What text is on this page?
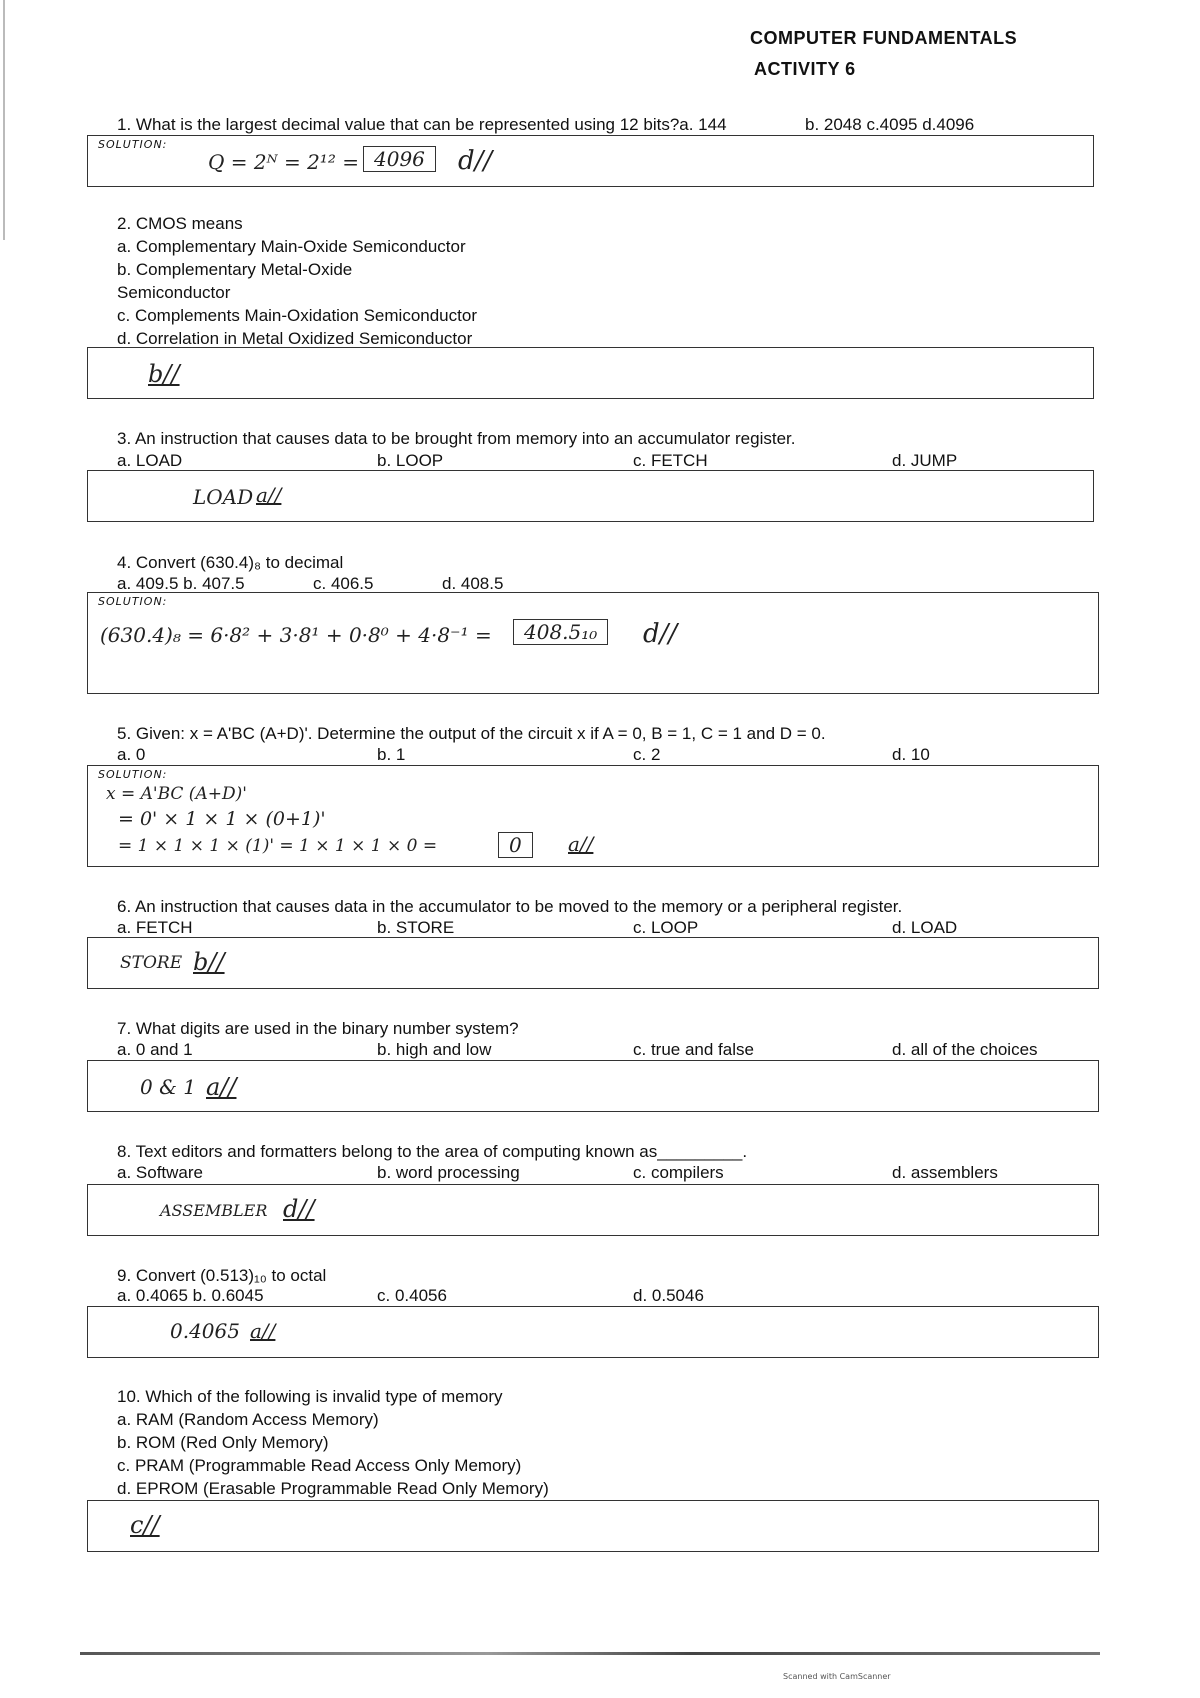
COMPUTER FUNDAMENTALS
ACTIVITY 6
1. What is the largest decimal value that can be represented using 12 bits?a. 144	b. 2048 c.4095 d.4096
SOLUTION:
Q = 2ᴺ = 2¹² = 4096	d//
2. CMOS means
a. Complementary Main-Oxide Semiconductor
b. Complementary Metal-Oxide
Semiconductor
c. Complements Main-Oxidation Semiconductor
d. Correlation in Metal Oxidized Semiconductor
b//
3. An instruction that causes data to be brought from memory into an accumulator register.
a. LOAD	b. LOOP	c. FETCH	d. JUMP
LOAD a//
4. Convert (630.4)₈ to decimal
a. 409.5 b. 407.5	c. 406.5	d. 408.5
SOLUTION:
(630.4)₈ = 6·8² + 3·8¹ + 0·8⁰ + 4·8⁻¹ =	408.5₁₀	d//
5. Given: x = A'BC (A+D)'. Determine the output of the circuit x if A = 0, B = 1, C = 1 and D = 0.
a. 0	b. 1	c. 2	d. 10
SOLUTION:
x = A'BC (A+D)'
= 0' × 1 × 1 × (0+1)'
= 1 × 1 × 1 × (1)' = 1 × 1 × 1 × 0 =	0	a//
6. An instruction that causes data in the accumulator to be moved to the memory or a peripheral register.
a. FETCH	b. STORE	c. LOOP	d. LOAD
STORE b//
7. What digits are used in the binary number system?
a. 0 and 1	b. high and low	c. true and false	d. all of the choices
0 & 1 a//
8. Text editors and formatters belong to the area of computing known as_________.
a. Software	b. word processing	c. compilers	d. assemblers
ASSEMBLER d//
9. Convert (0.513)₁₀ to octal
a. 0.4065 b. 0.6045	c. 0.4056	d. 0.5046
0.4065 a//
10. Which of the following is invalid type of memory
a. RAM (Random Access Memory)
b. ROM (Red Only Memory)
c. PRAM (Programmable Read Access Only Memory)
d. EPROM (Erasable Programmable Read Only Memory)
c//
Scanned with CamScanner
